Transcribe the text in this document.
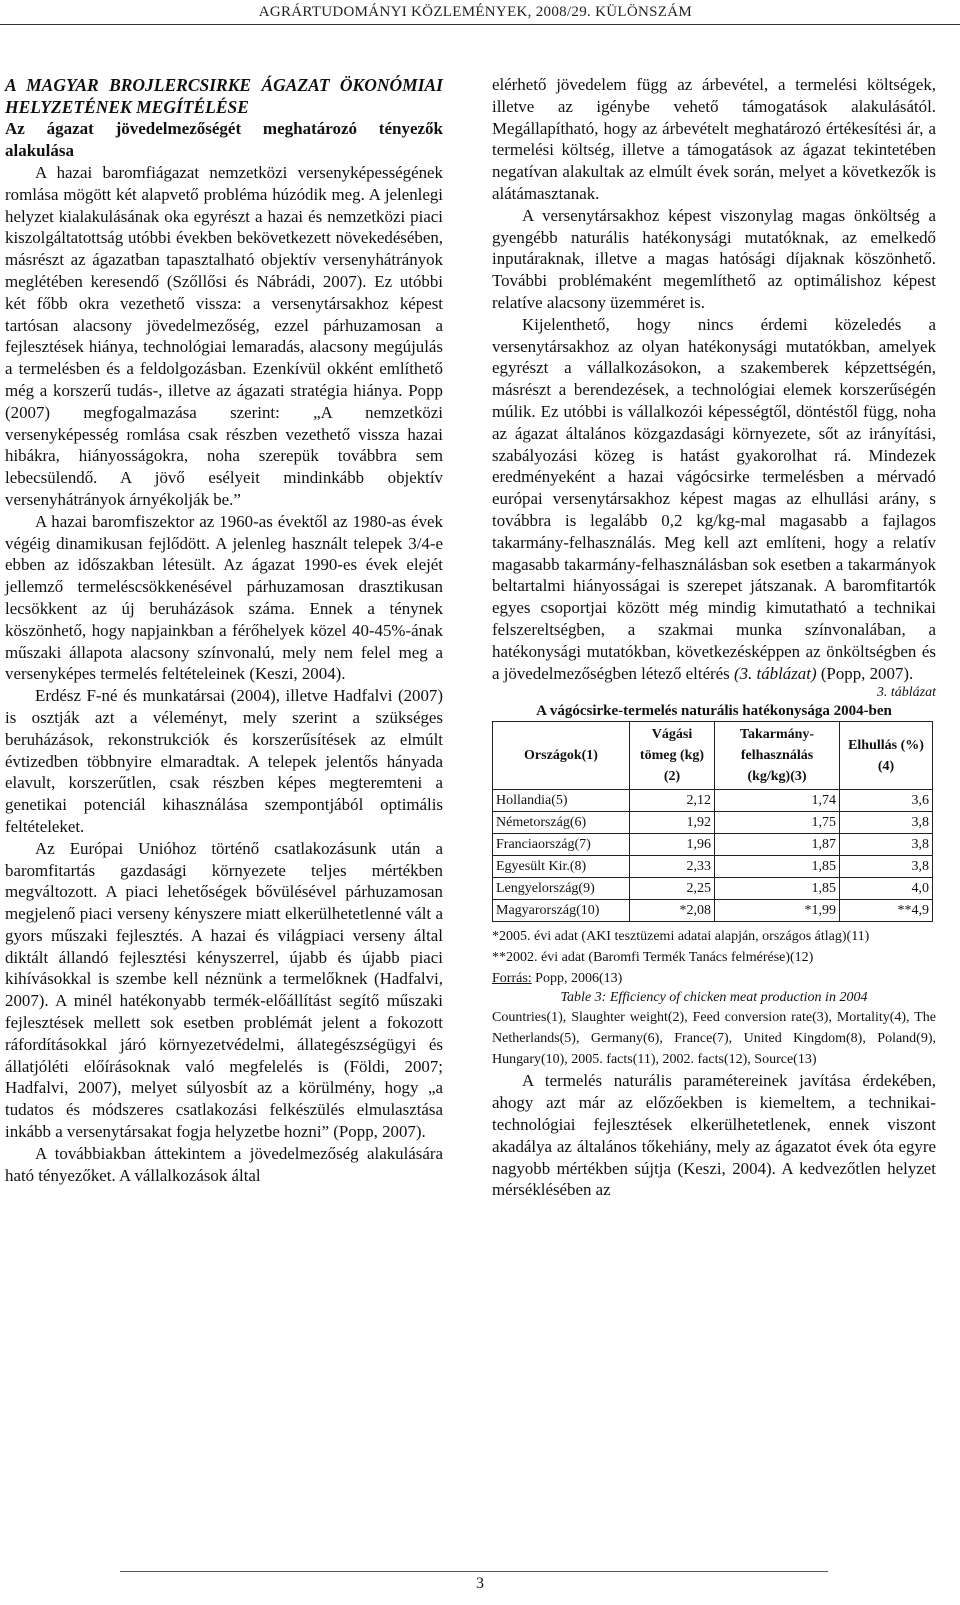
AGRÁRTUDOMÁNYI KÖZLEMÉNYEK, 2008/29. KÜLÖNSZÁM

A MAGYAR BROJLERCSIRKE ÁGAZAT ÖKONÓMIAI HELYZETÉNEK MEGÍTÉLÉSE

Az ágazat jövedelmezőségét meghatározó tényezők alakulása

A hazai baromfiágazat nemzetközi versenyképességének romlása mögött két alapvető probléma húzódik meg. A jelenlegi helyzet kialakulásának oka egyrészt a hazai és nemzetközi piaci kiszolgáltatottság utóbbi években bekövetkezett növekedésében, másrészt az ágazatban tapasztalható objektív versenyhátrányok meglétében keresendő (Szőllősi és Nábrádi, 2007). Ez utóbbi két főbb okra vezethető vissza: a versenytársakhoz képest tartósan alacsony jövedelmezőség, ezzel párhuzamosan a fejlesztések hiánya, technológiai lemaradás, alacsony megújulás a termelésben és a feldolgozásban. Ezenkívül okként említhető még a korszerű tudás-, illetve az ágazati stratégia hiánya. Popp (2007) megfogalmazása szerint: „A nemzetközi versenyképesség romlása csak részben vezethető vissza hazai hibákra, hiányosságokra, noha szerepük továbbra sem lebecsülendő. A jövő esélyeit mindinkább objektív versenyhátrányok árnyékolják be.”

A hazai baromfiszektor az 1960-as évektől az 1980-as évek végéig dinamikusan fejlődött. A jelenleg használt telepek 3/4-e ebben az időszakban létesült. Az ágazat 1990-es évek elejét jellemző termeléscsökkenésével párhuzamosan drasztikusan lecsökkent az új beruházások száma. Ennek a ténynek köszönhető, hogy napjainkban a férőhelyek közel 40-45%-ának műszaki állapota alacsony színvonalú, mely nem felel meg a versenyképes termelés feltételeinek (Keszi, 2004).

Erdész F-né és munkatársai (2004), illetve Hadfalvi (2007) is osztják azt a véleményt, mely szerint a szükséges beruházások, rekonstrukciók és korszerűsítések az elmúlt évtizedben többnyire elmaradtak. A telepek jelentős hányada elavult, korszerűtlen, csak részben képes megteremteni a genetikai potenciál kihasználása szempontjából optimális feltételeket.

Az Európai Unióhoz történő csatlakozásunk után a baromfitartás gazdasági környezete teljes mértékben megváltozott. A piaci lehetőségek bővülésével párhuzamosan megjelenő piaci verseny kényszere miatt elkerülhetetlenné vált a gyors műszaki fejlesztés. A hazai és világpiaci verseny által diktált állandó fejlesztési kényszerrel, újabb és újabb piaci kihívásokkal is szembe kell néznünk a termelőknek (Hadfalvi, 2007). A minél hatékonyabb termék-előállítást segítő műszaki fejlesztések mellett sok esetben problémát jelent a fokozott ráfordításokkal járó környezetvédelmi, állategészségügyi és állatjóléti előírásoknak való megfelelés is (Földi, 2007; Hadfalvi, 2007), melyet súlyosbít az a körülmény, hogy „a tudatos és módszeres csatlakozási felkészülés elmulasztása inkább a versenytársakat fogja helyzetbe hozni” (Popp, 2007).

A továbbiakban áttekintem a jövedelmezőség alakulására ható tényezőket. A vállalkozások által

elérhető jövedelem függ az árbevétel, a termelési költségek, illetve az igénybe vehető támogatások alakulásától. Megállapítható, hogy az árbevételt meghatározó értékesítési ár, a termelési költség, illetve a támogatások az ágazat tekintetében negatívan alakultak az elmúlt évek során, melyet a következők is alátámasztanak.

A versenytársakhoz képest viszonylag magas önköltség a gyengébb naturális hatékonysági mutatóknak, az emelkedő inputáraknak, illetve a magas hatósági díjaknak köszönhető. További problémaként megemlíthető az optimálishoz képest relatíve alacsony üzemméret is.

Kijelenthető, hogy nincs érdemi közeledés a versenytársakhoz az olyan hatékonysági mutatókban, amelyek egyrészt a vállalkozásokon, a szakemberek képzettségén, másrészt a berendezések, a technológiai elemek korszerűségén múlik. Ez utóbbi is vállalkozói képességtől, döntéstől függ, noha az ágazat általános közgazdasági környezete, sőt az irányítási, szabályozási közeg is hatást gyakorolhat rá. Mindezek eredményeként a hazai vágócsirke termelésben a mérvadó európai versenytársakhoz képest magas az elhullási arány, s továbbra is legalább 0,2 kg/kg-mal magasabb a fajlagos takarmány-felhasználás. Meg kell azt említeni, hogy a relatív magasabb takarmány-felhasználásban sok esetben a takarmányok beltartalmi hiányosságai is szerepet játszanak. A baromfitartók egyes csoportjai között még mindig kimutatható a technikai felszereltségben, a szakmai munka színvonalában, a hatékonysági mutatókban, következésképpen az önköltségben és a jövedelmezőségben létező eltérés (3. táblázat) (Popp, 2007).

3. táblázat

A vágócsirke-termelés naturális hatékonysága 2004-ben

Országok(1)	Vágási tömeg (kg)(2)	Takarmány-felhasználás (kg/kg)(3)	Elhullás (%)(4)
Hollandia(5)	2,12	1,74	3,6
Németország(6)	1,92	1,75	3,8
Franciaország(7)	1,96	1,87	3,8
Egyesült Kir.(8)	2,33	1,85	3,8
Lengyelország(9)	2,25	1,85	4,0
Magyarország(10)	*2,08	*1,99	**4,9

*2005. évi adat (AKI tesztüzemi adatai alapján, országos átlag)(11)

**2002. évi adat (Baromfi Termék Tanács felmérése)(12)

Forrás: Popp, 2006(13)

Table 3: Efficiency of chicken meat production in 2004

Countries(1), Slaughter weight(2), Feed conversion rate(3), Mortality(4), The Netherlands(5), Germany(6), France(7), United Kingdom(8), Poland(9), Hungary(10), 2005. facts(11), 2002. facts(12), Source(13)

A termelés naturális paramétereinek javítása érdekében, ahogy azt már az előzőekben is kiemeltem, a technikai-technológiai fejlesztések elkerülhetetlenek, ennek viszont akadálya az általános tőkehiány, mely az ágazatot évek óta egyre nagyobb mértékben sújtja (Keszi, 2004). A kedvezőtlen helyzet mérséklésében az

3
